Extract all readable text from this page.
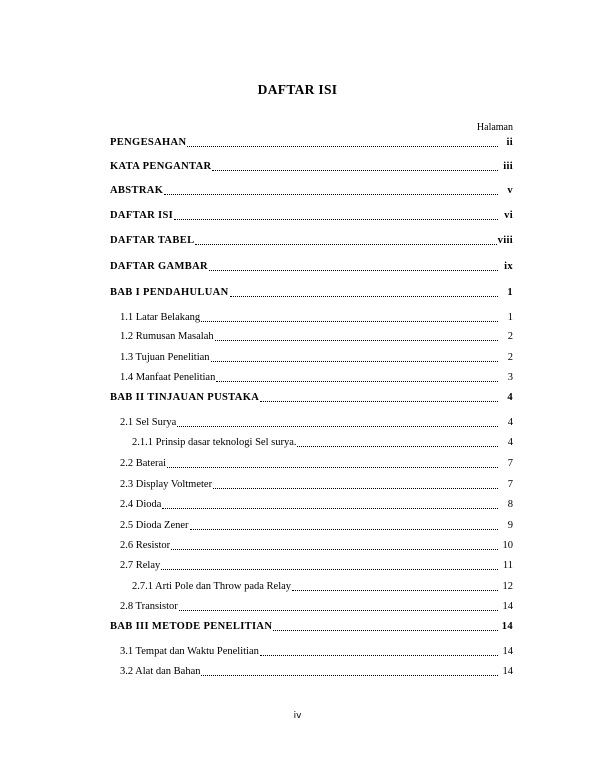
DAFTAR ISI
Halaman
PENGESAHAN	ii
KATA PENGANTAR	iii
ABSTRAK	v
DAFTAR ISI	vi
DAFTAR TABEL	viii
DAFTAR GAMBAR	ix
BAB I PENDAHULUAN	1
1.1 Latar Belakang	1
1.2 Rumusan Masalah	2
1.3 Tujuan Penelitian	2
1.4 Manfaat Penelitian	3
BAB II TINJAUAN PUSTAKA	4
2.1 Sel Surya	4
2.1.1 Prinsip dasar teknologi Sel surya.	4
2.2 Baterai	7
2.3 Display Voltmeter	7
2.4 Dioda	8
2.5 Dioda Zener	9
2.6 Resistor	10
2.7 Relay	11
2.7.1 Arti Pole dan Throw pada Relay	12
2.8 Transistor	14
BAB III METODE PENELITIAN	14
3.1 Tempat dan Waktu Penelitian	14
3.2 Alat dan Bahan	14
iv
